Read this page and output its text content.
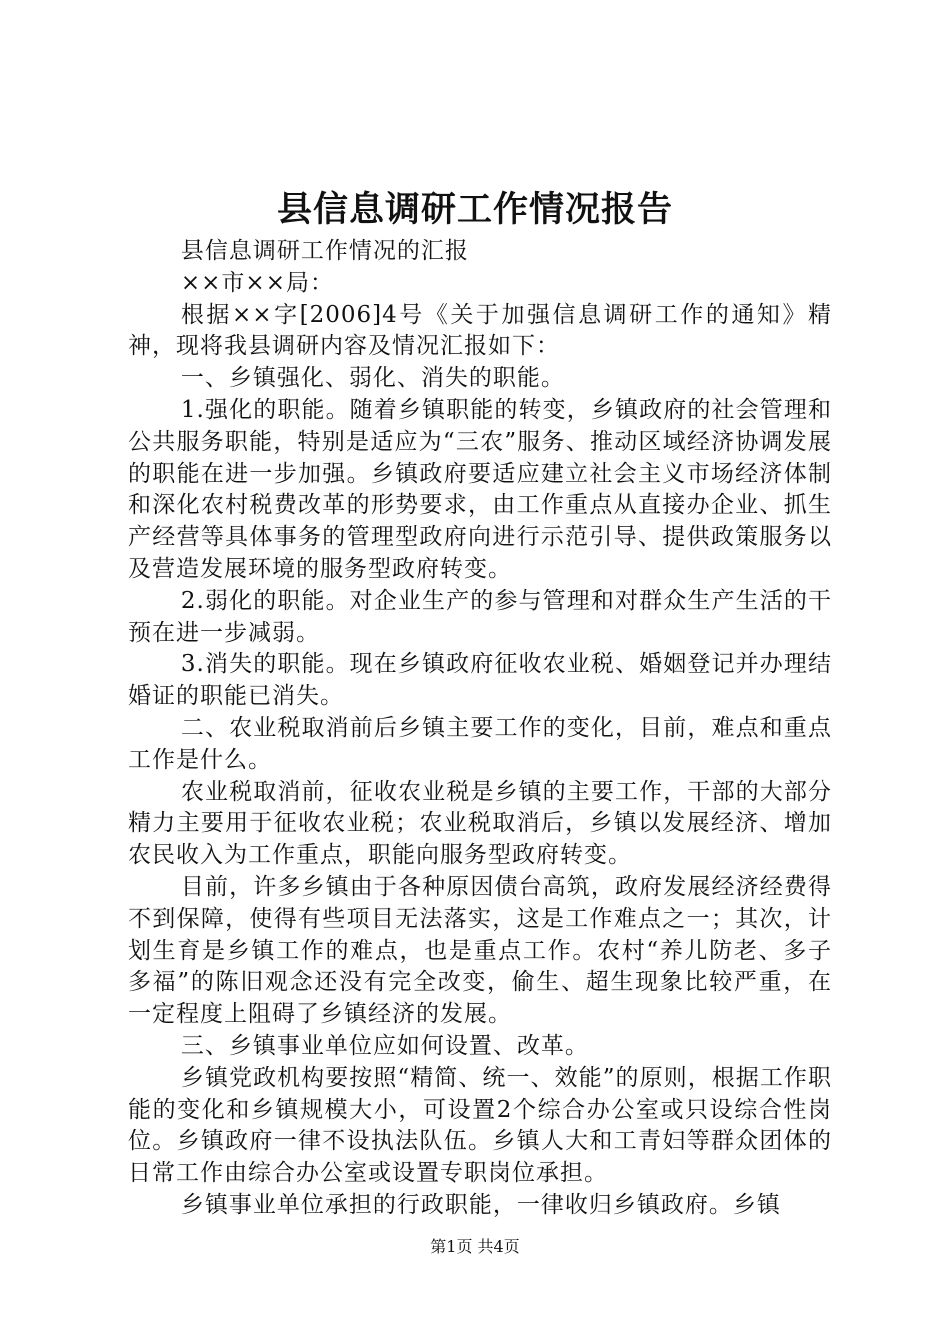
县信息调研工作情况报告

县信息调研工作情况的汇报

××市××局：

根据××字[2006]4号《关于加强信息调研工作的通知》精神，现将我县调研内容及情况汇报如下：

一、乡镇强化、弱化、消失的职能。

1.强化的职能。随着乡镇职能的转变，乡镇政府的社会管理和公共服务职能，特别是适应为“三农”服务、推动区域经济协调发展的职能在进一步加强。乡镇政府要适应建立社会主义市场经济体制和深化农村税费改革的形势要求，由工作重点从直接办企业、抓生产经营等具体事务的管理型政府向进行示范引导、提供政策服务以及营造发展环境的服务型政府转变。

2.弱化的职能。对企业生产的参与管理和对群众生产生活的干预在进一步减弱。

3.消失的职能。现在乡镇政府征收农业税、婚姻登记并办理结婚证的职能已消失。

二、农业税取消前后乡镇主要工作的变化，目前，难点和重点工作是什么。

农业税取消前，征收农业税是乡镇的主要工作，干部的大部分精力主要用于征收农业税；农业税取消后，乡镇以发展经济、增加农民收入为工作重点，职能向服务型政府转变。

目前，许多乡镇由于各种原因债台高筑，政府发展经济经费得不到保障，使得有些项目无法落实，这是工作难点之一；其次，计划生育是乡镇工作的难点，也是重点工作。农村“养儿防老、多子多福”的陈旧观念还没有完全改变，偷生、超生现象比较严重，在一定程度上阻碍了乡镇经济的发展。

三、乡镇事业单位应如何设置、改革。

乡镇党政机构要按照“精简、统一、效能”的原则，根据工作职能的变化和乡镇规模大小，可设置2个综合办公室或只设综合性岗位。乡镇政府一律不设执法队伍。乡镇人大和工青妇等群众团体的日常工作由综合办公室或设置专职岗位承担。

乡镇事业单位承担的行政职能，一律收归乡镇政府。乡镇

第1页 共4页
